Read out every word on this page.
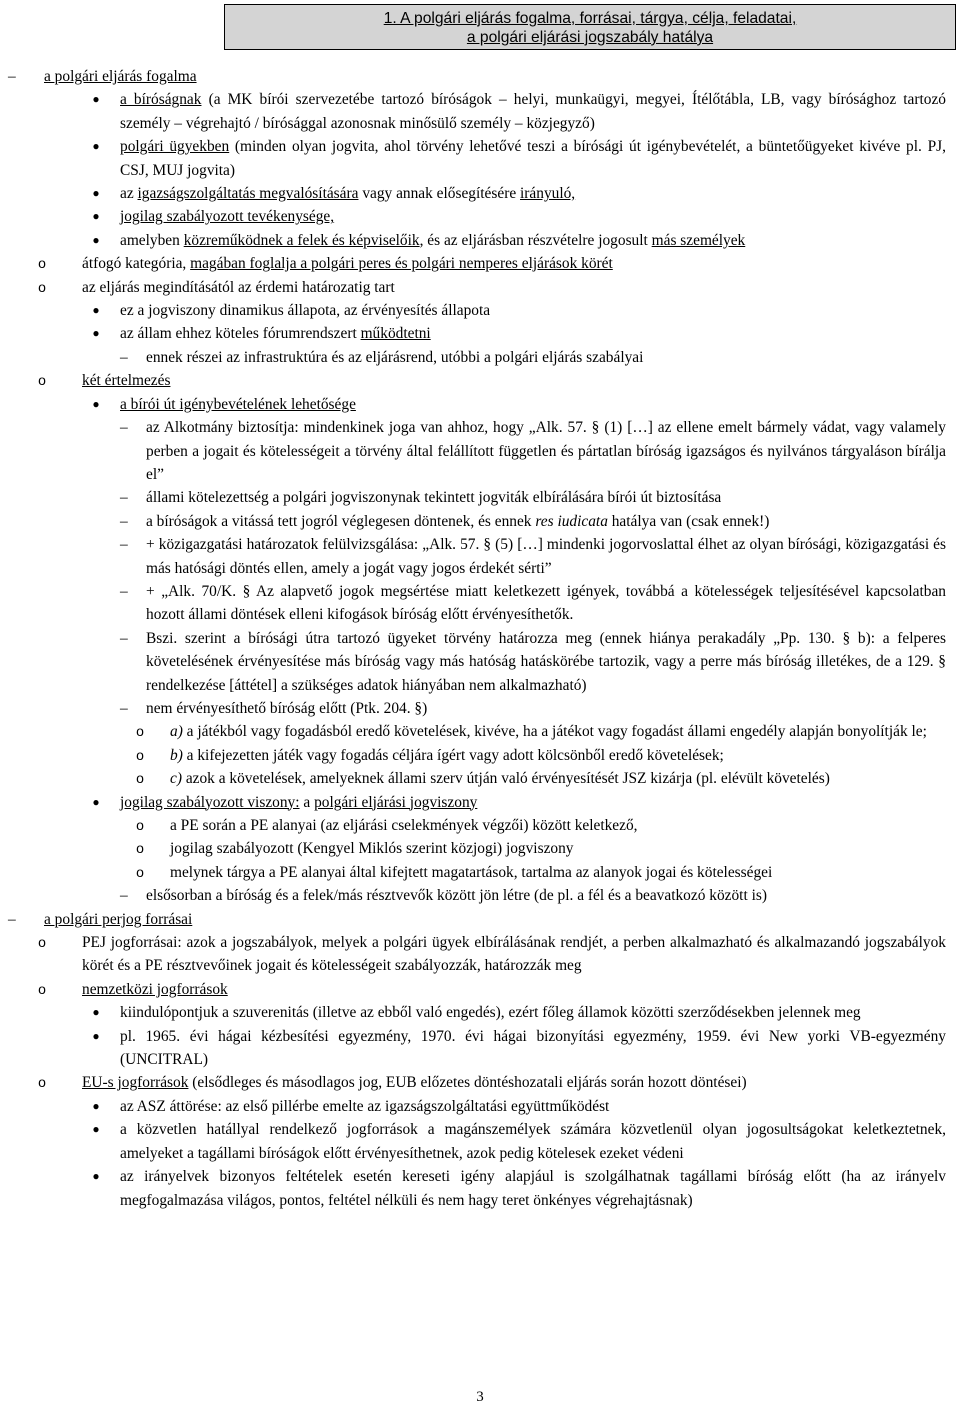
1. A polgári eljárás fogalma, forrásai, tárgya, célja, feladatai,
a polgári eljárási jogszabály hatálya
–	a polgári eljárás fogalma
● a bíróságnak (a MK bírói szervezetébe tartozó bíróságok – helyi, munkaügyi, megyei, Ítélőtábla, LB, vagy bírósághoz tartozó személy – végrehajtó / bírósággal azonosnak minősülő személy – közjegyző)
● polgári ügyekben (minden olyan jogvita, ahol törvény lehetővé teszi a bírósági út igénybevételét, a büntetőügyeket kivéve pl. PJ, CSJ, MUJ jogvita)
● az igazságszolgáltatás megvalósítására vagy annak elősegítésére irányuló,
● jogilag szabályozott tevékenysége,
● amelyben közreműködnek a felek és képviselőik, és az eljárásban részvételre jogosult más személyek
o átfogó kategória, magában foglalja a polgári peres és polgári nemperes eljárások körét
o az eljárás megindításától az érdemi határozatig tart
● ez a jogviszony dinamikus állapota, az érvényesítés állapota
● az állam ehhez köteles fórumrendszert működtetni
–	ennek részei az infrastruktúra és az eljárásrend, utóbbi a polgári eljárás szabályai
o két értelmezés
● a bírói út igénybevételének lehetősége
–	az Alkotmány biztosítja: mindenkinek joga van ahhoz, hogy „Alk. 57. § (1) […] az ellene emelt bármely vádat, vagy valamely perben a jogait és kötelességeit a törvény által felállított független és pártatlan bíróság igazságos és nyilvános tárgyaláson bírálja el”
–	állami kötelezettség a polgári jogviszonynak tekintett jogviták elbírálására bírói út biztosítása
–	a bíróságok a vitássá tett jogról véglegesen döntenek, és ennek res iudicata hatálya van (csak ennek!)
–	+ közigazgatási határozatok felülvizsgálása: „Alk. 57. § (5) […] mindenki jogorvoslattal élhet az olyan bírósági, közigazgatási és más hatósági döntés ellen, amely a jogát vagy jogos érdekét sérti”
–	+ „Alk. 70/K. § Az alapvető jogok megsértése miatt keletkezett igények, továbbá a kötelességek teljesítésével kapcsolatban hozott állami döntések elleni kifogások bíróság előtt érvényesíthetők.
–	Bszi. szerint a bírósági útra tartozó ügyeket törvény határozza meg (ennek hiánya perakadály „Pp. 130. § b): a felperes követelésének érvényesítése más bíróság vagy más hatóság hatáskörébe tartozik, vagy a perre más bíróság illetékes, de a 129. § rendelkezése [áttétel] a szükséges adatok hiányában nem alkalmazható)
–	nem érvényesíthető bíróság előtt (Ptk. 204. §)
o a) a játékból vagy fogadásból eredő követelések, kivéve, ha a játékot vagy fogadást állami engedély alapján bonyolítják le;
o b) a kifejezetten játék vagy fogadás céljára ígért vagy adott kölcsönből eredő követelések;
o c) azok a követelések, amelyeknek állami szerv útján való érvényesítését JSZ kizárja (pl. elévült követelés)
● jogilag szabályozott viszony: a polgári eljárási jogviszony
o a PE során a PE alanyai (az eljárási cselekmények végzői) között keletkező,
o jogilag szabályozott (Kengyel Miklós szerint közjogi) jogviszony
o melynek tárgya a PE alanyai által kifejtett magatartások, tartalma az alanyok jogai és kötelességei
–	elsősorban a bíróság és a felek/más résztvevők között jön létre (de pl. a fél és a beavatkozó között is)
–	a polgári perjog forrásai
o PEJ jogforrásai: azok a jogszabályok, melyek a polgári ügyek elbírálásának rendjét, a perben alkalmazható és alkalmazandó jogszabályok körét és a PE résztvevőinek jogait és kötelességeit szabályozzák, határozzák meg
o nemzetközi jogforrások
● kiindulópontjuk a szuverenitás (illetve az ebből való engedés), ezért főleg államok közötti szerződésekben jelennek meg
● pl. 1965. évi hágai kézbesítési egyezmény, 1970. évi hágai bizonyítási egyezmény, 1959. évi New yorki VB-egyezmény (UNCITRAL)
o EU-s jogforrások (elsődleges és másodlagos jog, EUB előzetes döntéshozatali eljárás során hozott döntései)
● az ASZ áttörése: az első pillérbe emelte az igazságszolgáltatási együttműködést
● a közvetlen hatállyal rendelkező jogforrások a magánszemélyek számára közvetlenül olyan jogosultságokat keletkeztetnek, amelyeket a tagállami bíróságok előtt érvényesíthetnek, azok pedig kötelesek ezeket védeni
● az irányelvek bizonyos feltételek esetén kereseti igény alapjául is szolgálhatnak tagállami bíróság előtt (ha az irányelv megfogalmazása világos, pontos, feltétel nélküli és nem hagy teret önkényes végrehajtásnak)
3
